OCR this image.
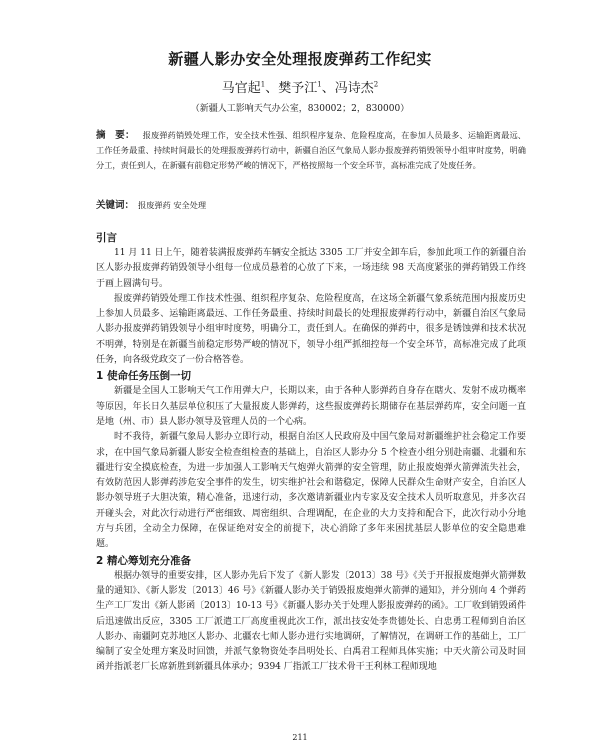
新疆人影办安全处理报废弹药工作纪实
马官起$^1$、樊予江$^1$、冯诗杰$^2$
（新疆人工影响天气办公室，830002；2，830000）
摘　要： 报废弹药销毁处理工作，安全技术性强、组织程序复杂、危险程度高，在参加人员最多、运输距离最远、工作任务最重、持续时间最长的处理报废弹药行动中，新疆自治区气象局人影办报废弹药销毁领导小组审时度势，明确分工，责任到人，在新疆有前稳定形势严峻的情况下，严格按照每一个安全环节，高标准完成了处废任务。
关键词： 报废弹药 安全处理
引言

11 月 11 日上午，随着装满报废弹药车辆安全抵达 3305 工厂并安全卸车后，参加此项工作的新疆自治区人影办报废弹药销毁领导小组每一位成员悬着的心放了下来，一场违续 98 天高度紧张的弹药销毁工作终于画上圆满句号。

报废弹药销毁处理工作技术性强、组织程序复杂、危险程度高，在这场全新疆气象系统范围内报废历史上参加人员最多、运输距离最远、工作任务最重、持续时间最长的处理报废弹药行动中，新疆自治区气象局人影办报废弹药销毁领导小组审时度势，明确分工，责任到人。在确保的弹药中，很多是锈蚀弹和技术状况不明弹，特别是在新疆当前稳定形势严峻的情况下，领导小组严抓细控每一个安全环节，高标准完成了此项任务，向各级党政交了一份合格答卷。

1 使命任务压倒一切

新疆是全国人工影响天气工作用弹大户，长期以来，由于各种人影弹药自身存在瞎火、发射不成功概率等原因，年长日久基层单位积压了大量报废人影弹药，这些报废弹药长期储存在基层弹药库，安全问题一直是地（州、市）县人影办领导及管理人员的一个心病。

时不我待，新疆气象局人影办立即行动，根据自治区人民政府及中国气象局对新疆维护社会稳定工作要求，在中国气象局新疆人影安全检查组检查的基础上，自治区人影办分 5 个检查小组分别赴南疆、北疆和东疆进行安全摸底检查，为进一步加强人工影响天气炮弹火箭弹的安全管理，防止报废炮弹火箭弹流失社会，有效防范因人影弹药涉危安全事件的发生，切实维护社会和谐稳定，保障人民群众生命财产安全，自治区人影办领导班子大胆决策，精心准备，迅速行动，多次邀请新疆业内专家及安全技术人员听取意见，并多次召开碰头会，对此次行动进行严密细致、周密组织、合理调配，在企业的大力支持和配合下，此次行动小分地方与兵团，全动全力保障，在保证绝对安全的前提下，决心消除了多年来困扰基层人影单位的安全隐患难题。

2 精心筹划充分准备

根据办领导的重要安排，区人影办先后下发了《新人影发〔2013〕38 号》《关于开报报废炮弹火箭弹数量的通知》、《新人影发〔2013〕46 号》《新疆人影办关于销毁报废炮弹火箭弹的通知》，并分别向 4 个弹药生产工厂发出《新人影函〔2013〕10-13 号》《新疆人影办关于处理人影报废弹药的函》。工厂收到销毁函件后迅速做出反应，3305 工厂派遣工厂高度重视此次工作，派出技安处李贵德处长、白忠勇工程师到自治区人影办、南疆阿克苏地区人影办、北疆农七师人影办进行实地调研，了解情况，在调研工作的基础上，工厂编制了安全处理方案及时回馈，并派气象物资处李昌明处长、白禹君工程师具体实施；中天火箭公司及时回函并指派老厂长席新胜到新疆具体承办；9394 厂指派工厂技术骨干王利林工程师现地

211
